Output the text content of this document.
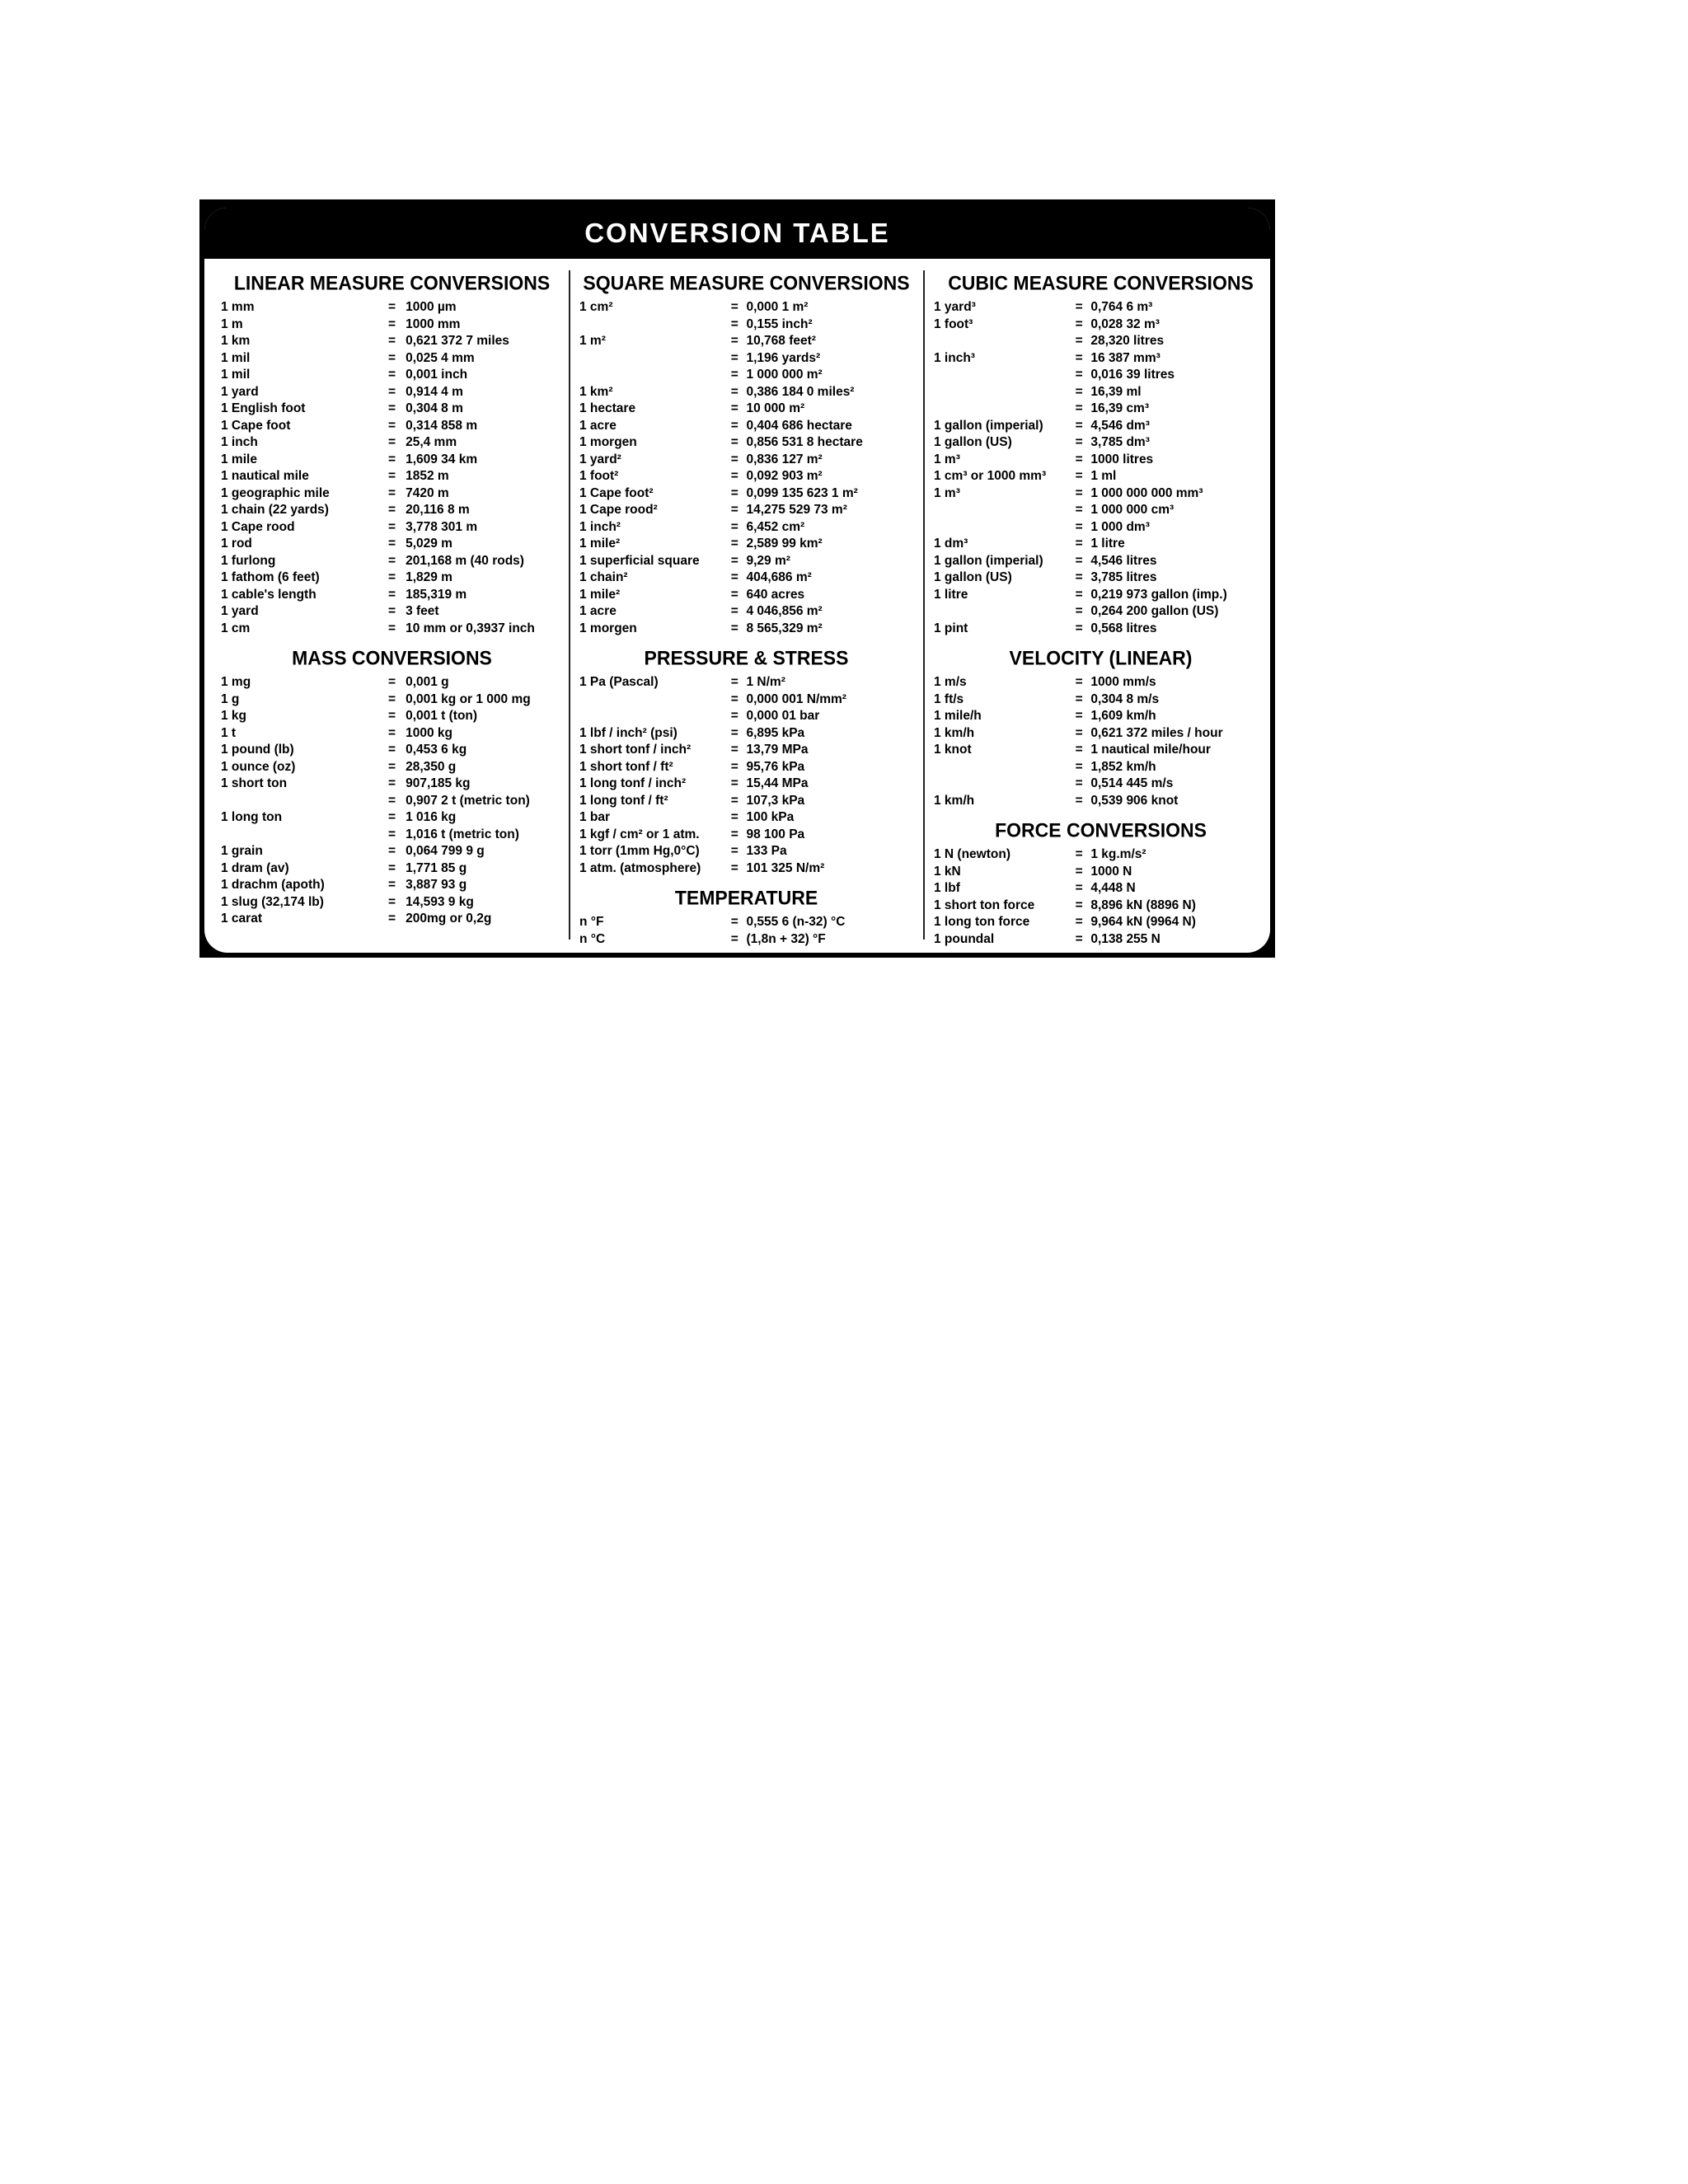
CONVERSION TABLE
LINEAR MEASURE CONVERSIONS
1 mm	= 1000 µm
1 m	= 1000 mm
1 km	= 0,621 372 7 miles
1 mil	= 0,025 4 mm
1 mil	= 0,001 inch
1 yard	= 0,914 4 m
1 English foot	= 0,304 8 m
1 Cape foot	= 0,314 858 m
1 inch	= 25,4 mm
1 mile	= 1,609 34 km
1 nautical mile	= 1852 m
1 geographic mile	= 7420 m
1 chain (22 yards)	= 20,116 8 m
1 Cape rood	= 3,778 301 m
1 rod	= 5,029 m
1 furlong	= 201,168 m (40 rods)
1 fathom (6 feet)	= 1,829 m
1 cable's length	= 185,319 m
1 yard	= 3 feet
1 cm	= 10 mm or 0,3937 inch
MASS CONVERSIONS
1 mg	= 0,001 g
1 g	= 0,001 kg or 1 000 mg
1 kg	= 0,001 t (ton)
1 t	= 1000 kg
1 pound (lb)	= 0,453 6 kg
1 ounce (oz)	= 28,350 g
1 short ton	= 907,185 kg
= 0,907 2 t (metric ton)
1 long ton	= 1 016 kg
= 1,016 t (metric ton)
1 grain	= 0,064 799 9 g
1 dram (av)	= 1,771 85 g
1 drachm (apoth)	= 3,887 93 g
1 slug (32,174 lb)	= 14,593 9 kg
1 carat	= 200mg or 0,2g
SQUARE MEASURE CONVERSIONS
1 cm²	= 0,000 1 m²
= 0,155 inch²
1 m²	= 10,768 feet²
= 1,196 yards²
= 1 000 000 m²
1 km²	= 0,386 184 0 miles²
1 hectare	= 10 000 m²
1 acre	= 0,404 686 hectare
1 morgen	= 0,856 531 8 hectare
1 yard²	= 0,836 127 m²
1 foot²	= 0,092 903 m²
1 Cape foot²	= 0,099 135 623 1 m²
1 Cape rood²	= 14,275 529 73 m²
1 inch²	= 6,452 cm²
1 mile²	= 2,589 99 km²
1 superficial square	= 9,29 m²
1 chain²	= 404,686 m²
1 mile²	= 640 acres
1 acre	= 4 046,856 m²
1 morgen	= 8 565,329 m²
PRESSURE & STRESS
1 Pa (Pascal)	= 1 N/m²
= 0,000 001 N/mm²
= 0,000 01 bar
1 lbf / inch² (psi)	= 6,895 kPa
1 short tonf / inch²	= 13,79 MPa
1 short tonf / ft²	= 95,76 kPa
1 long tonf / inch²	= 15,44 MPa
1 long tonf / ft²	= 107,3 kPa
1 bar	= 100 kPa
1 kgf / cm² or 1 atm.	= 98 100 Pa
1 torr (1mm Hg,0°C)	= 133 Pa
1 atm. (atmosphere)	= 101 325 N/m²
TEMPERATURE
n °F	= 0,555 6 (n-32) °C
n °C	= (1,8n + 32) °F
CUBIC MEASURE CONVERSIONS
1 yard³	= 0,764 6 m³
1 foot³	= 0,028 32 m³
= 28,320 litres
1 inch³	= 16 387 mm³
= 0,016 39 litres
= 16,39 ml
= 16,39 cm³
1 gallon (imperial)	= 4,546 dm³
1 gallon (US)	= 3,785 dm³
1 m³	= 1000 litres
1 cm³ or 1000 mm³	= 1 ml
1 m³	= 1 000 000 000 mm³
= 1 000 000 cm³
= 1 000 dm³
1 dm³	= 1 litre
1 gallon (imperial)	= 4,546 litres
1 gallon (US)	= 3,785 litres
1 litre	= 0,219 973 gallon (imp.)
= 0,264 200 gallon (US)
1 pint	= 0,568 litres
VELOCITY (LINEAR)
1 m/s	= 1000 mm/s
1 ft/s	= 0,304 8 m/s
1 mile/h	= 1,609 km/h
1 km/h	= 0,621 372 miles / hour
1 knot	= 1 nautical mile/hour
= 1,852 km/h
= 0,514 445 m/s
1 km/h	= 0,539 906 knot
FORCE CONVERSIONS
1 N (newton)	= 1 kg.m/s²
1 kN	= 1000 N
1 lbf	= 4,448 N
1 short ton force	= 8,896 kN (8896 N)
1 long ton force	= 9,964 kN (9964 N)
1 poundal	= 0,138 255 N
